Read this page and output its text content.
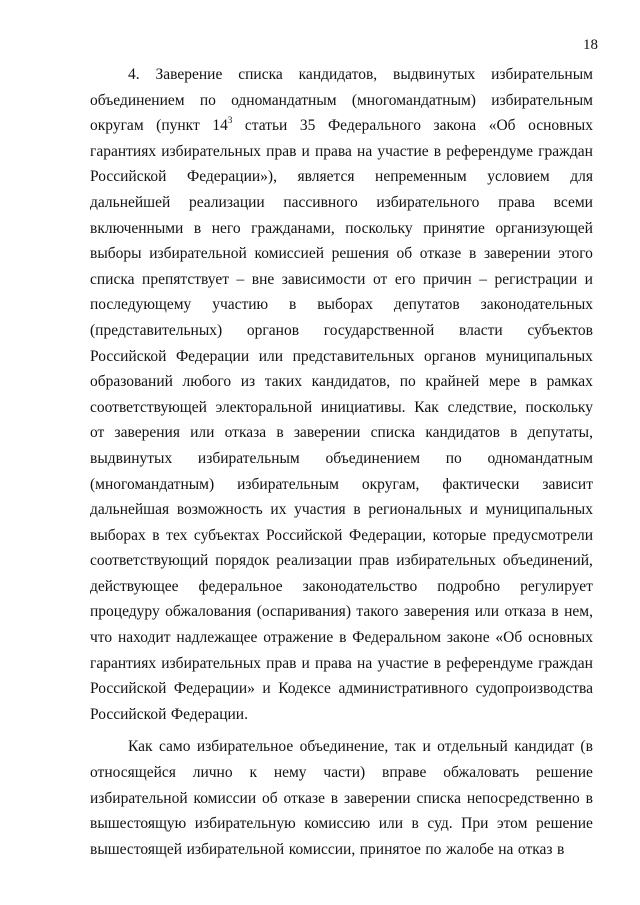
18
4. Заверение списка кандидатов, выдвинутых избирательным
объединением по одномандатным (многомандатным) избирательным
округам (пункт $14^3$ статьи 35 Федерального закона «Об основных
гарантиях избирательных прав и права на участие в референдуме граждан
Российской Федерации»), является непременным условием для
дальнейшей реализации пассивного избирательного права всеми
включенными в него гражданами, поскольку принятие организующей
выборы избирательной комиссией решения об отказе в заверении этого
списка препятствует – вне зависимости от его причин – регистрации и
последующему участию в выборах депутатов законодательных
(представительных) органов государственной власти субъектов
Российской Федерации или представительных органов муниципальных
образований любого из таких кандидатов, по крайней мере в рамках
соответствующей электоральной инициативы. Как следствие, поскольку
от заверения или отказа в заверении списка кандидатов в депутаты,
выдвинутых избирательным объединением по одномандатным
(многомандатным) избирательным округам, фактически зависит
дальнейшая возможность их участия в региональных и муниципальных
выборах в тех субъектах Российской Федерации, которые предусмотрели
соответствующий порядок реализации прав избирательных объединений,
действующее федеральное законодательство подробно регулирует
процедуру обжалования (оспаривания) такого заверения или отказа в нем,
что находит надлежащее отражение в Федеральном законе «Об основных
гарантиях избирательных прав и права на участие в референдуме граждан
Российской Федерации» и Кодексе административного судопроизводства
Российской Федерации.
Как само избирательное объединение, так и отдельный кандидат (в
относящейся лично к нему части) вправе обжаловать решение
избирательной комиссии об отказе в заверении списка непосредственно в
вышестоящую избирательную комиссию или в суд. При этом решение
вышестоящей избирательной комиссии, принятое по жалобе на отказ в
